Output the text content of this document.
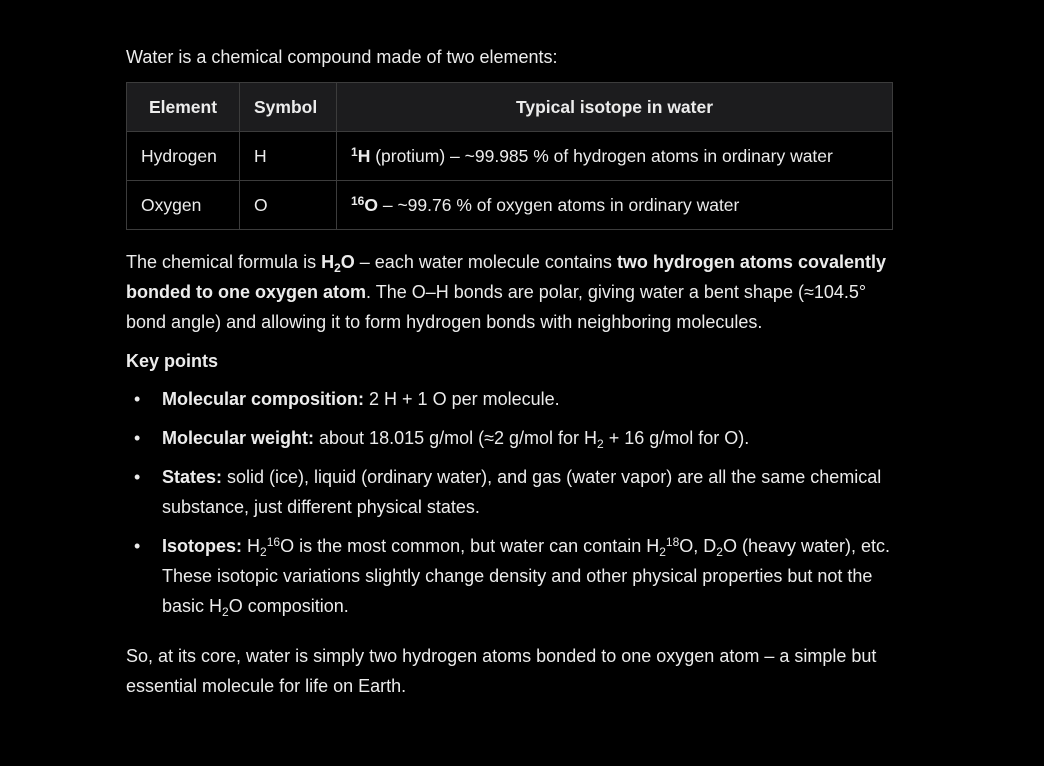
Water is a chemical compound made of two elements:

Element	Symbol	Typical isotope in water
Hydrogen	H	$^1$H (protium) – ~99.985 % of hydrogen atoms in ordinary water
Oxygen	O	$^{16}$O – ~99.76 % of oxygen atoms in ordinary water

The chemical formula is $H_2O$ – each water molecule contains two hydrogen atoms covalently bonded to one oxygen atom. The O–H bonds are polar, giving water a bent shape (≈104.5° bond angle) and allowing it to form hydrogen bonds with neighboring molecules.

Key points

• Molecular composition: 2 H + 1 O per molecule.
• Molecular weight: about 18.015 g/mol (≈2 g/mol for $H_2 + 16$ g/mol for O).
• States: solid (ice), liquid (ordinary water), and gas (water vapor) are all the same chemical substance, just different physical states.
• Isotopes: $H_2^{16}O$ is the most common, but water can contain $H_2^{18}O$, $D_2O$ (heavy water), etc. These isotopic variations slightly change density and other physical properties but not the basic $H_2O$ composition.

So, at its core, water is simply two hydrogen atoms bonded to one oxygen atom – a simple but essential molecule for life on Earth.
